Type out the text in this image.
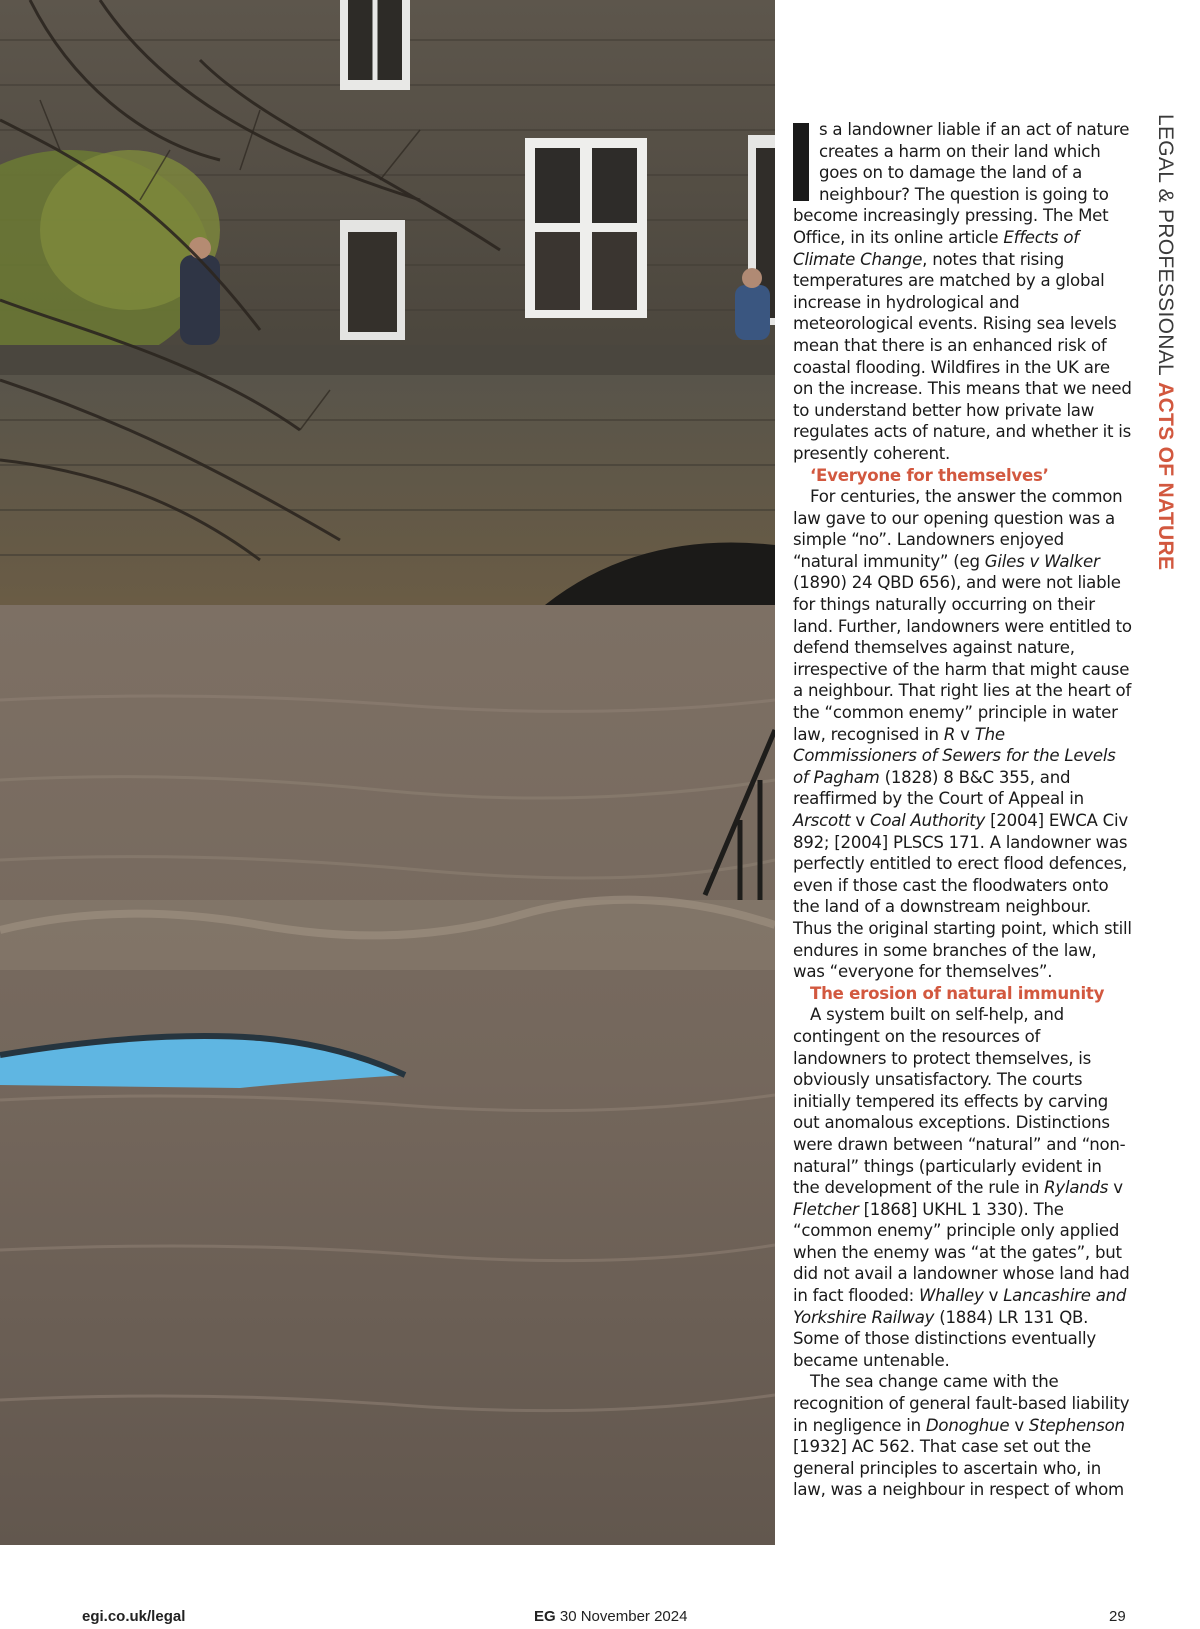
LEGAL & PROFESSIONAL ACTS OF NATURE

s a landowner liable if an act of nature creates a harm on their land which goes on to damage the land of a neighbour? The question is going to become increasingly pressing. The Met Office, in its online article Effects of Climate Change, notes that rising temperatures are matched by a global increase in hydrological and meteorological events. Rising sea levels mean that there is an enhanced risk of coastal flooding. Wildfires in the UK are on the increase. This means that we need to understand better how private law regulates acts of nature, and whether it is presently coherent.

‘Everyone for themselves’

For centuries, the answer the common law gave to our opening question was a simple “no”. Landowners enjoyed “natural immunity” (eg Giles v Walker (1890) 24 QBD 656), and were not liable for things naturally occurring on their land. Further, landowners were entitled to defend themselves against nature, irrespective of the harm that might cause a neighbour. That right lies at the heart of the “common enemy” principle in water law, recognised in R v The Commissioners of Sewers for the Levels of Pagham (1828) 8 B&C 355, and reaffirmed by the Court of Appeal in Arscott v Coal Authority [2004] EWCA Civ 892; [2004] PLSCS 171. A landowner was perfectly entitled to erect flood defences, even if those cast the floodwaters onto the land of a downstream neighbour. Thus the original starting point, which still endures in some branches of the law, was “everyone for themselves”.

The erosion of natural immunity

A system built on self-help, and contingent on the resources of landowners to protect themselves, is obviously unsatisfactory. The courts initially tempered its effects by carving out anomalous exceptions. Distinctions were drawn between “natural” and “non-natural” things (particularly evident in the development of the rule in Rylands v Fletcher [1868] UKHL 1 330). The “common enemy” principle only applied when the enemy was “at the gates”, but did not avail a landowner whose land had in fact flooded: Whalley v Lancashire and Yorkshire Railway (1884) LR 131 QB. Some of those distinctions eventually became untenable.

The sea change came with the recognition of general fault-based liability in negligence in Donoghue v Stephenson [1932] AC 562. That case set out the general principles to ascertain who, in law, was a neighbour in respect of whom

egi.co.uk/legal	EG 30 November 2024	29
